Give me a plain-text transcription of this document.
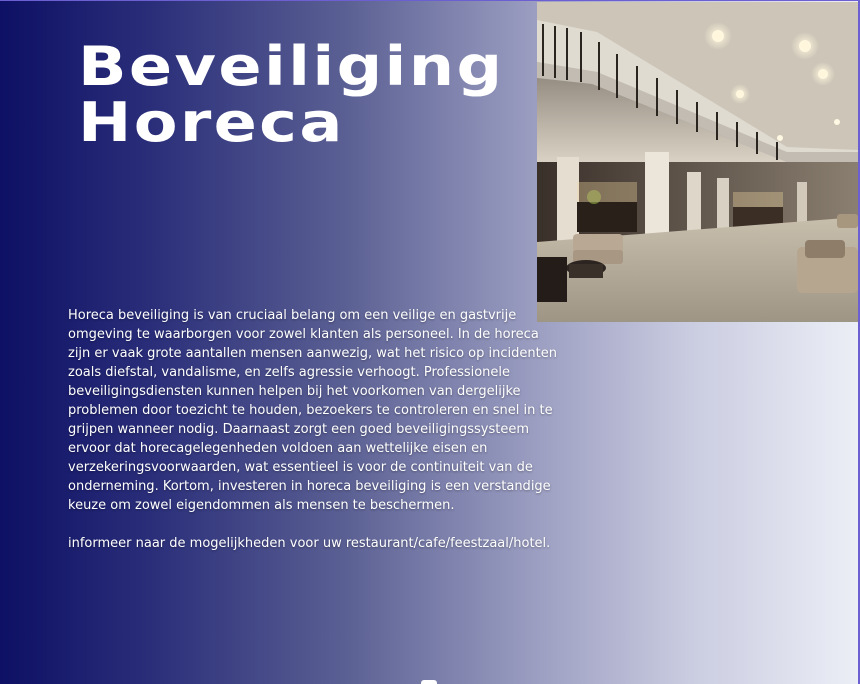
Beveiliging
Horeca

Horeca beveiliging is van cruciaal belang om een veilige en gastvrije omgeving te waarborgen voor zowel klanten als personeel. In de horeca zijn er vaak grote aantallen mensen aanwezig, wat het risico op incidenten zoals diefstal, vandalisme, en zelfs agressie verhoogt. Professionele beveiligingsdiensten kunnen helpen bij het voorkomen van dergelijke problemen door toezicht te houden, bezoekers te controleren en snel in te grijpen wanneer nodig. Daarnaast zorgt een goed beveiligingssysteem ervoor dat horecagelegenheden voldoen aan wettelijke eisen en verzekeringsvoorwaarden, wat essentieel is voor de continuiteit van de onderneming. Kortom, investeren in horeca beveiliging is een verstandige keuze om zowel eigendommen als mensen te beschermen.

informeer naar de mogelijkheden voor uw restaurant/cafe/feestzaal/hotel.
